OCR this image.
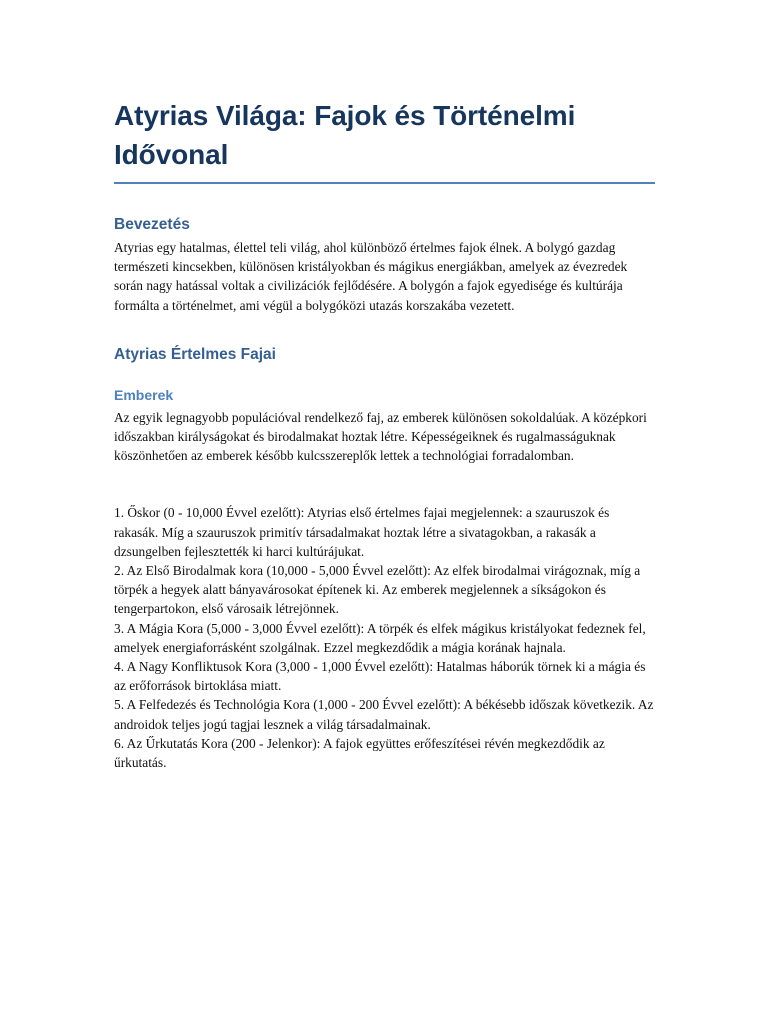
Atyrias Világa: Fajok és Történelmi Idővonal
Bevezetés

Atyrias egy hatalmas, élettel teli világ, ahol különböző értelmes fajok élnek. A bolygó gazdag természeti kincsekben, különösen kristályokban és mágikus energiákban, amelyek az évezredek során nagy hatással voltak a civilizációk fejlődésére. A bolygón a fajok egyedisége és kultúrája formálta a történelmet, ami végül a bolygóközi utazás korszakába vezetett.

Atyrias Értelmes Fajai
Emberek

Az egyik legnagyobb populációval rendelkező faj, az emberek különösen sokoldalúak. A középkori időszakban királyságokat és birodalmakat hoztak létre. Képességeiknek és rugalmasságuknak köszönhetően az emberek később kulcsszereplők lettek a technológiai forradalomban.

1. Őskor (0 - 10,000 Évvel ezelőtt): Atyrias első értelmes fajai megjelennek: a szauruszok és rakasák. Míg a szauruszok primitív társadalmakat hoztak létre a sivatagokban, a rakasák a dzsungelben fejlesztették ki harci kultúrájukat.

2. Az Első Birodalmak kora (10,000 - 5,000 Évvel ezelőtt): Az elfek birodalmai virágoznak, míg a törpék a hegyek alatt bányavárosokat építenek ki. Az emberek megjelennek a síkságokon és tengerpartokon, első városaik létrejönnek.

3. A Mágia Kora (5,000 - 3,000 Évvel ezelőtt): A törpék és elfek mágikus kristályokat fedeznek fel, amelyek energiaforrásként szolgálnak. Ezzel megkezdődik a mágia korának hajnala.

4. A Nagy Konfliktusok Kora (3,000 - 1,000 Évvel ezelőtt): Hatalmas háborúk törnek ki a mágia és az erőforrások birtoklása miatt.

5. A Felfedezés és Technológia Kora (1,000 - 200 Évvel ezelőtt): A békésebb időszak következik. Az androidok teljes jogú tagjai lesznek a világ társadalmainak.

6. Az Űrkutatás Kora (200 - Jelenkor): A fajok együttes erőfeszítései révén megkezdődik az űrkutatás.
